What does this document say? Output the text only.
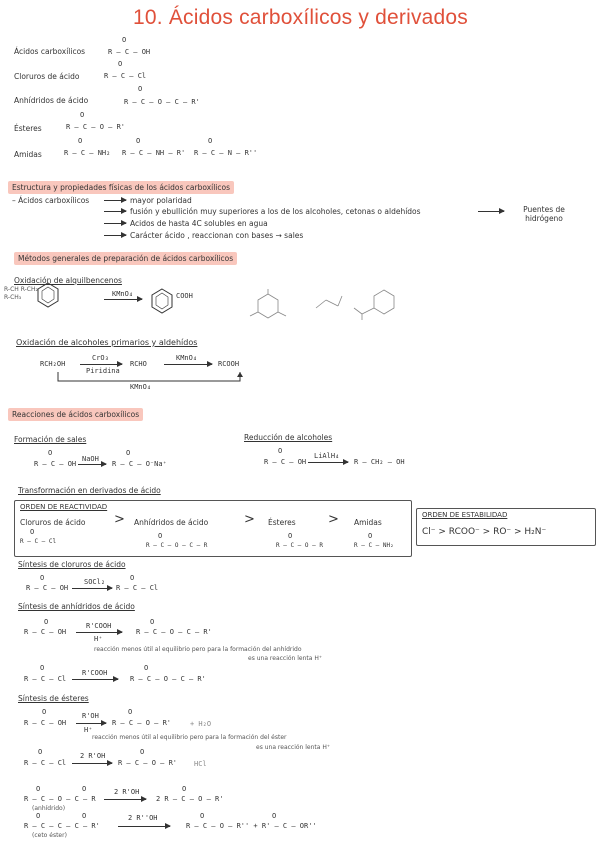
10. Ácidos carboxílicos y derivados
Ácidos carboxílicos
O
R – C – OH
Cloruros de ácido
O
R – C – Cl
Anhídridos de ácido
O
R – C – O – C – R'
Ésteres
O
R – C – O – R'
Amidas
O
R – C – NH₂
O
R – C – NH – R'
O
R – C – N – R''
Estructura y propiedades físicas de los ácidos carboxílicos
– Ácidos carboxílicos	mayor polaridad
fusión y ebullición muy superiores a los de los alcoholes, cetonas o aldehídos	Puentes de hidrógeno
Acidos de hasta 4C solubles en agua
Carácter ácido , reaccionan con bases → sales
Métodos generales de preparación de ácidos carboxílicos
Oxidación de alquilbencenos
R-CH R-CH₂ R-CH₃	KMnO₄	COOH
Oxidación de alcoholes primarios y aldehídos
RCH₂OH
CrO₃
Piridina
RCHO
KMnO₄
RCOOH
KMnO₄
Reacciones de ácidos carboxílicos
Formación de sales
O
R – C – OH
NaOH
O
R – C – O⁻Na⁺
Reducción de alcoholes
O
R – C – OH
LiAlH₄
R – CH₂ – OH
Transformación en derivados de ácido
ORDEN DE REACTIVIDAD
Cloruros de ácido > Anhídridos de ácido	> Ésteres > Amidas
O
R – C – Cl
O
R – C – O – C – R
O
R – C – O – R
O
R – C – NH₂
ORDEN DE ESTABILIDAD
Cl⁻ > RCOO⁻ > RO⁻ > H₂N⁻
Síntesis de cloruros de ácido
O
R – C – OH
SOCl₂	O
R – C – Cl
Síntesis de anhídridos de ácido
O
R – C – OH
R'COOH
H⁺
O
R – C – O – C – R'
reacción menos útil al equilibrio pero para la formación del anhídrido
es una reacción lenta H⁺
O
R – C – Cl
R'COOH
O
R – C – O – C – R'
Síntesis de ésteres
O
R – C – OH
R'OH
H⁺
O
R – C – O – R'	+ H₂O
reacción menos útil al equilibrio pero para la formación del éster
es una reacción lenta H⁺
O
R – C – Cl
2 R'OH	O
R – C – O – R' HCl
O	O
R – C – O – C – R
(anhídrido)
2 R'OH	O
2 R – C – O – R'
O	O
R – C – C – C – R'
(ceto éster)
2 R''OH	O	O
R – C – O – R'' + R' – C – OR''
